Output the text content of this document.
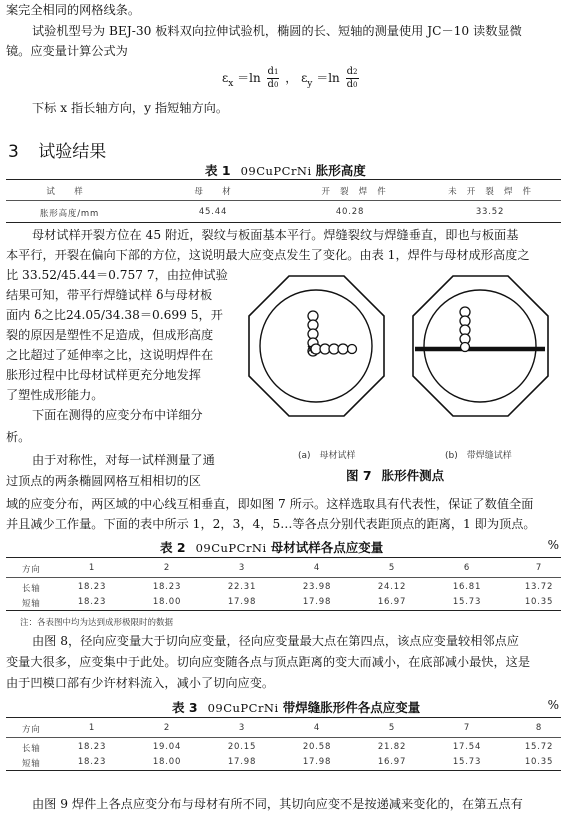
案完全相同的网格线条。
试验机型号为 BEJ-30 板料双向拉伸试验机，椭圆的长、短轴的测量使用 JC－10 读数显微
镜。应变量计算公式为
$\varepsilon_x =\ln \frac{d1}{d0}$ ， $\varepsilon_y =\ln \frac{d2}{d0}$
下标 x 指长轴方向，y 指短轴方向。
3 试验结果
表 1 09CuPCrNi 胀形高度
试　　样	母　　材	开　裂　焊　件	未　开　裂　焊　件
胀形高度/mm	45.44	40.28	33.52
母材试样开裂方位在 45 附近，裂纹与板面基本平行。焊缝裂纹与焊缝垂直，即也与板面基
本平行，开裂在偏向下部的方位，这说明最大应变点发生了变化。由表 1，焊件与母材成形高度之
比 33.52/45.44＝0.757 7，由拉伸试验
结果可知，带平行焊缝试样 δ与母材板
面内 δ之比24.05/34.38＝0.699 5，开
裂的原因是塑性不足造成，但成形高度
之比超过了延伸率之比，这说明焊件在
胀形过程中比母材试样更充分地发挥
了塑性成形能力。
下面在测得的应变分布中详细分
析。
由于对称性，对每一试样测量了通
过顶点的两条椭圆网格互相相切的区
域的应变分布，两区域的中心线互相垂直，即如图 7 所示。这样选取具有代表性，保证了数值全面
并且减少工作量。下面的表中所示 1，2，3，4，5…等各点分别代表距顶点的距离，1 即为顶点。
(a)　母材试样	(b)　带焊缝试样
图 7 胀形件测点
表 2 09CuPCrNi 母材试样各点应变量	%
方向	1	2	3	4	5	6	7
长轴	18.23	18.23	22.31	23.98	24.12	16.81	13.72
短轴	18.23	18.00	17.98	17.98	16.97	15.73	10.35
注：各表图中均为达到成形极限时的数据
由图 8，径向应变量大于切向应变量，径向应变量最大点在第四点，该点应变量较相邻点应
变量大很多，应变集中于此处。切向应变随各点与顶点距离的变大而减小，在底部减小最快，这是
由于凹模口部有少许材料流入，减小了切向应变。
表 3 09CuPCrNi 带焊缝胀形件各点应变量	%
方向	1	2	3	4	5	7	8
长轴	18.23	19.04	20.15	20.58	21.82	17.54	15.72
短轴	18.23	18.00	17.98	17.98	16.97	15.73	10.35
由图 9 焊件上各点应变分布与母材有所不同，其切向应变不是按递减来变化的，在第五点有
